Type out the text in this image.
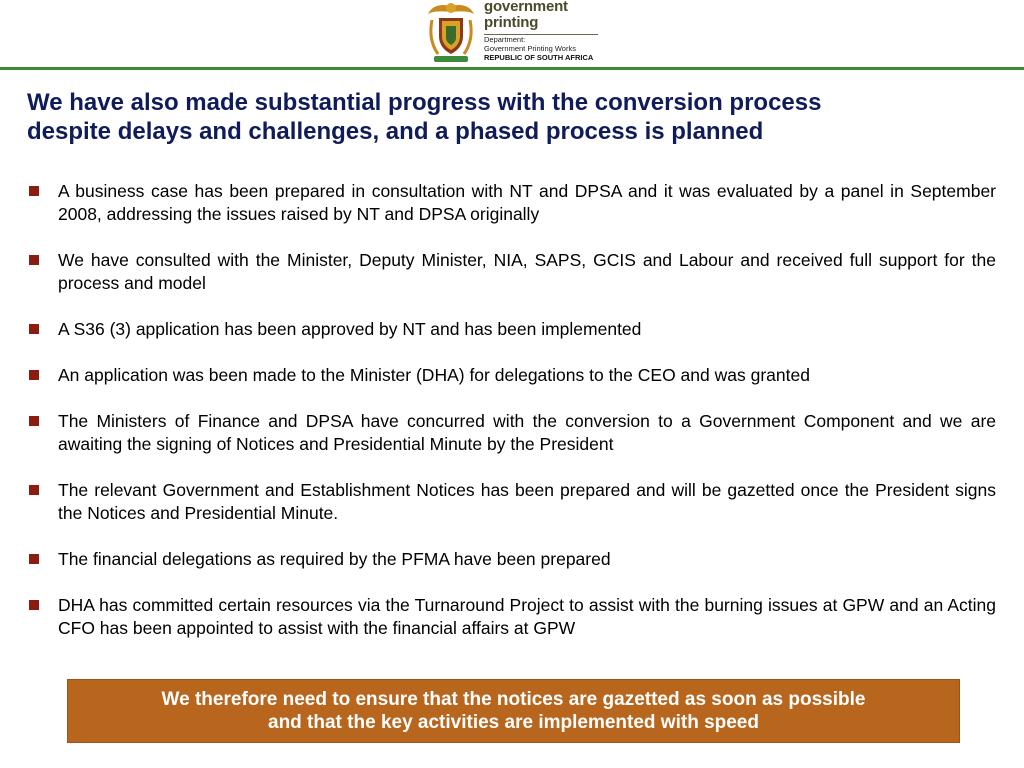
government
printing
Department:
Government Printing Works
REPUBLIC OF SOUTH AFRICA
We have also made substantial progress with the conversion process
despite delays and challenges, and a phased process is planned
A business case has been prepared in consultation with NT and DPSA and it was evaluated by a panel in September 2008, addressing the issues raised by NT and DPSA originally
We have consulted with the Minister, Deputy Minister, NIA, SAPS, GCIS and Labour and received full support for the process and model
A S36 (3) application has been approved by NT and has been implemented
An application was been made to the Minister (DHA) for delegations to the CEO and was granted
The Ministers of Finance and DPSA have concurred with the conversion to a Government Component and we are awaiting the signing of Notices and Presidential Minute by the President
The relevant Government and Establishment Notices has been prepared and will be gazetted once the President signs the Notices and Presidential Minute.
The financial delegations as required by the PFMA have been prepared
DHA has committed certain resources via the Turnaround Project to assist with the burning issues at GPW and an Acting CFO has been appointed to assist with the financial affairs at GPW
We therefore need to ensure that the notices are gazetted as soon as possible
and that the key activities are implemented with speed
